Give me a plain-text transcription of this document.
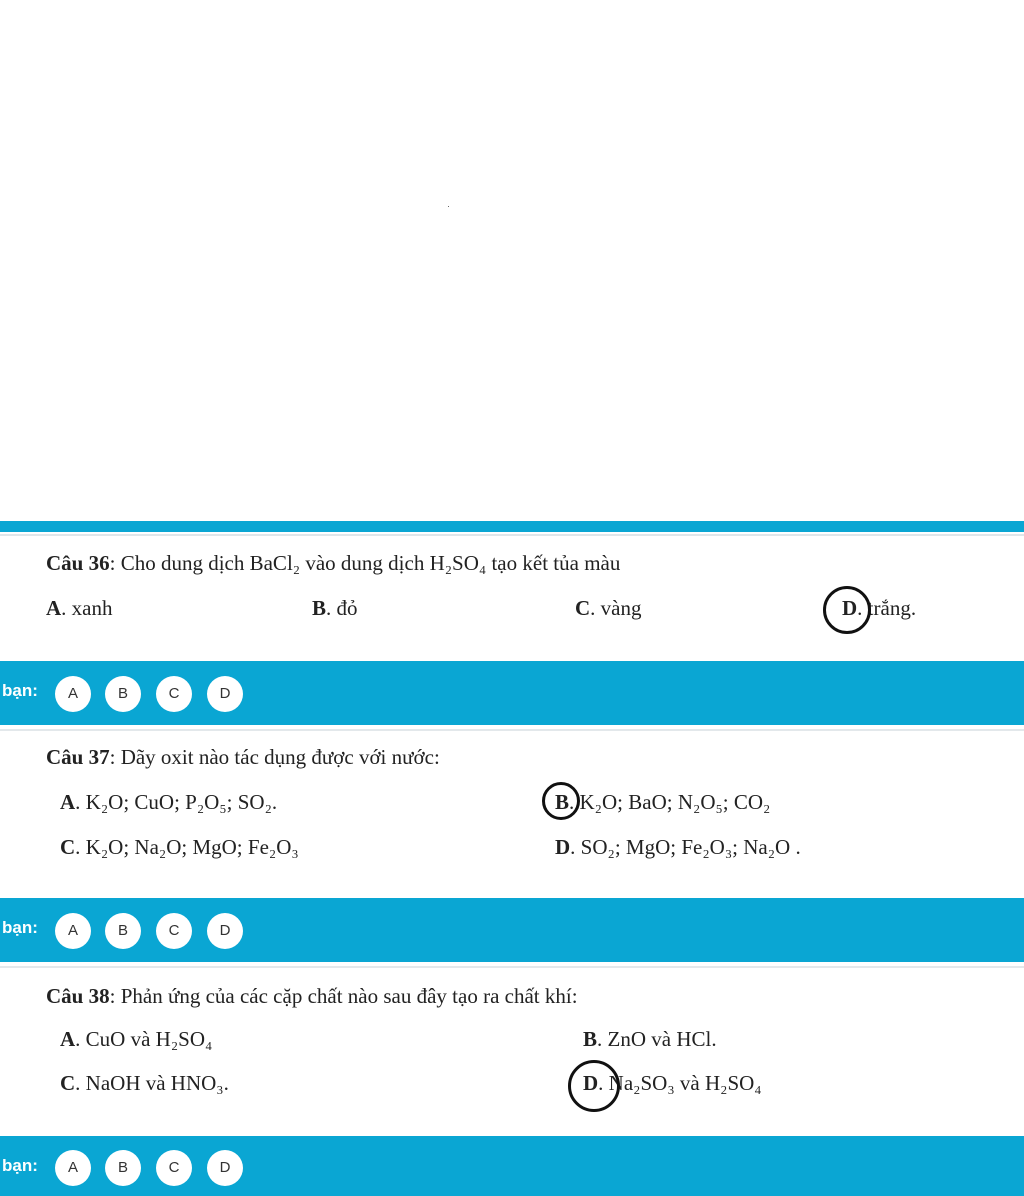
Câu 36: Cho dung dịch BaCl₂ vào dung dịch H₂SO₄ tạo kết tủa màu
A. xanh	B. đỏ	C. vàng	D. trắng.
bạn:	A	B	C	D
Câu 37: Dãy oxit nào tác dụng được với nước:
A. K₂O; CuO; P₂O₅; SO₂.	B. K₂O; BaO; N₂O₅; CO₂
C. K₂O; Na₂O; MgO; Fe₂O₃	D. SO₂; MgO; Fe₂O₃; Na₂O .
bạn:	A	B	C	D
Câu 38: Phản ứng của các cặp chất nào sau đây tạo ra chất khí:
A. CuO và H₂SO₄	B. ZnO và HCl.
C. NaOH và HNO₃.	D. Na₂SO₃ và H₂SO₄
bạn:	A	B	C	D
